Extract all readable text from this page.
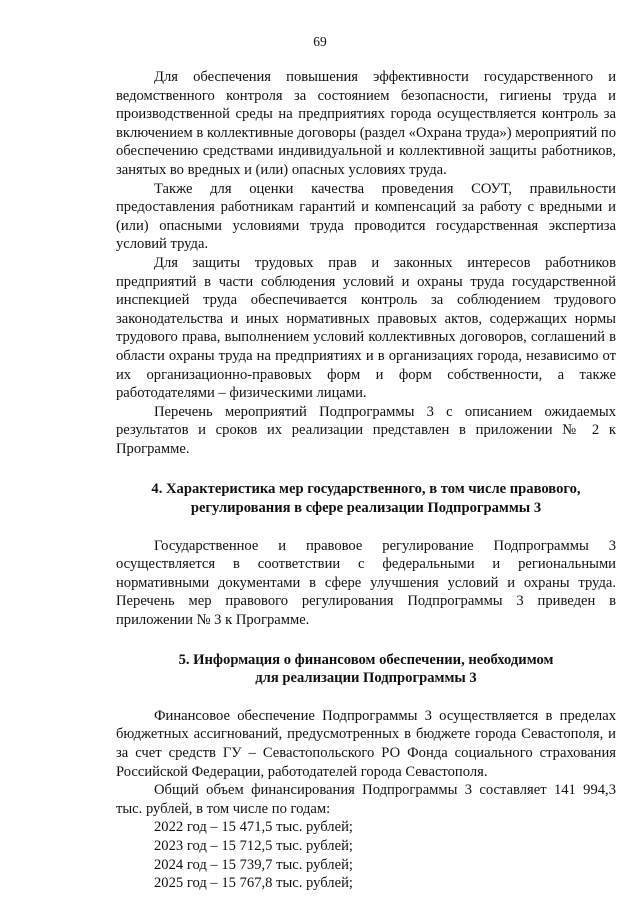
69

Для обеспечения повышения эффективности государственного и ведомственного контроля за состоянием безопасности, гигиены труда и производственной среды на предприятиях города осуществляется контроль за включением в коллективные договоры (раздел «Охрана труда») мероприятий по обеспечению средствами индивидуальной и коллективной защиты работников, занятых во вредных и (или) опасных условиях труда.

Также для оценки качества проведения СОУТ, правильности предоставления работникам гарантий и компенсаций за работу с вредными и (или) опасными условиями труда проводится государственная экспертиза условий труда.

Для защиты трудовых прав и законных интересов работников предприятий в части соблюдения условий и охраны труда государственной инспекцией труда обеспечивается контроль за соблюдением трудового законодательства и иных нормативных правовых актов, содержащих нормы трудового права, выполнением условий коллективных договоров, соглашений в области охраны труда на предприятиях и в организациях города, независимо от их организационно-правовых форм и форм собственности, а также работодателями – физическими лицами.

Перечень мероприятий Подпрограммы 3 с описанием ожидаемых результатов и сроков их реализации представлен в приложении № 2 к Программе.

4. Характеристика мер государственного, в том числе правового,
регулирования в сфере реализации Подпрограммы 3

Государственное и правовое регулирование Подпрограммы 3 осуществляется в соответствии с федеральными и региональными нормативными документами в сфере улучшения условий и охраны труда. Перечень мер правового регулирования Подпрограммы 3 приведен в приложении № 3 к Программе.

5. Информация о финансовом обеспечении, необходимом
для реализации Подпрограммы 3

Финансовое обеспечение Подпрограммы 3 осуществляется в пределах бюджетных ассигнований, предусмотренных в бюджете города Севастополя, и за счет средств ГУ – Севастопольского РО Фонда социального страхования Российской Федерации, работодателей города Севастополя.

Общий объем финансирования Подпрограммы 3 составляет 141 994,3 тыс. рублей, в том числе по годам:

2022 год – 15 471,5 тыс. рублей;
2023 год – 15 712,5 тыс. рублей;
2024 год – 15 739,7 тыс. рублей;
2025 год – 15 767,8 тыс. рублей;
